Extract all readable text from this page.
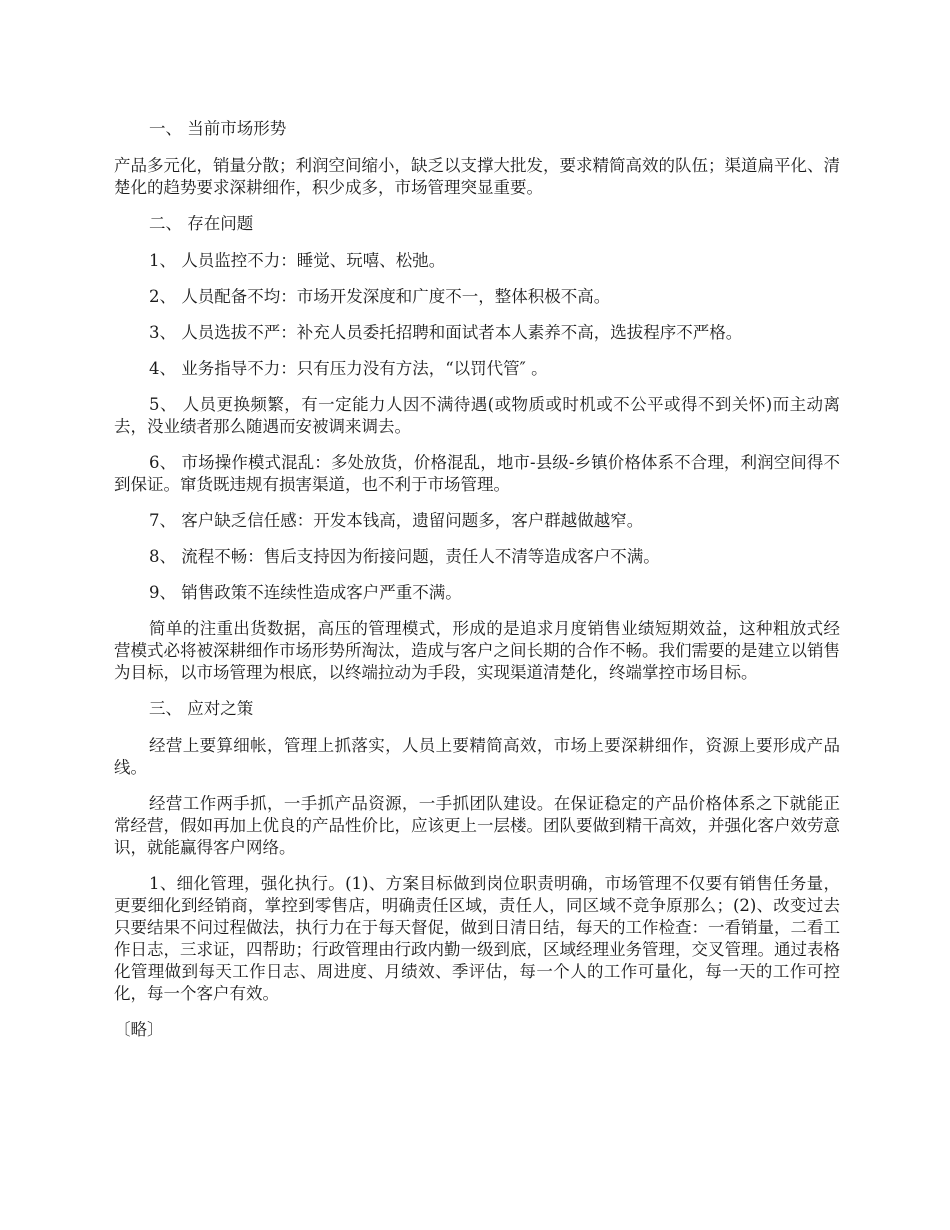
一、 当前市场形势

产品多元化，销量分散；利润空间缩小，缺乏以支撑大批发，要求精简高效的队伍；渠道扁平化、清楚化的趋势要求深耕细作，积少成多，市场管理突显重要。

二、 存在问题

1、 人员监控不力：睡觉、玩嘻、松弛。

2、 人员配备不均：市场开发深度和广度不一，整体积极不高。

3、 人员选拔不严：补充人员委托招聘和面试者本人素养不高，选拔程序不严格。

4、 业务指导不力：只有压力没有方法，“以罚代管″ 。

5、 人员更换频繁，有一定能力人因不满待遇(或物质或时机或不公平或得不到关怀)而主动离去，没业绩者那么随遇而安被调来调去。

6、 市场操作模式混乱：多处放货，价格混乱，地市-县级-乡镇价格体系不合理，利润空间得不到保证。窜货既违规有损害渠道，也不利于市场管理。

7、 客户缺乏信任感：开发本钱高，遗留问题多，客户群越做越窄。

8、 流程不畅：售后支持因为衔接问题，责任人不清等造成客户不满。

9、 销售政策不连续性造成客户严重不满。

简单的注重出货数据，高压的管理模式，形成的是追求月度销售业绩短期效益，这种粗放式经营模式必将被深耕细作市场形势所淘汰，造成与客户之间长期的合作不畅。我们需要的是建立以销售为目标，以市场管理为根底，以终端拉动为手段，实现渠道清楚化，终端掌控市场目标。

三、 应对之策

经营上要算细帐，管理上抓落实，人员上要精简高效，市场上要深耕细作，资源上要形成产品线。

经营工作两手抓，一手抓产品资源，一手抓团队建设。在保证稳定的产品价格体系之下就能正常经营，假如再加上优良的产品性价比，应该更上一层楼。团队要做到精干高效，并强化客户效劳意识，就能赢得客户网络。

1、细化管理，强化执行。(1)、方案目标做到岗位职责明确，市场管理不仅要有销售任务量，更要细化到经销商，掌控到零售店，明确责任区域，责任人，同区域不竞争原那么；(2)、改变过去只要结果不问过程做法，执行力在于每天督促，做到日清日结，每天的工作检查：一看销量，二看工作日志，三求证，四帮助；行政管理由行政内勤一级到底，区域经理业务管理，交叉管理。通过表格化管理做到每天工作日志、周进度、月绩效、季评估，每一个人的工作可量化，每一天的工作可控化，每一个客户有效。

〔略〕
